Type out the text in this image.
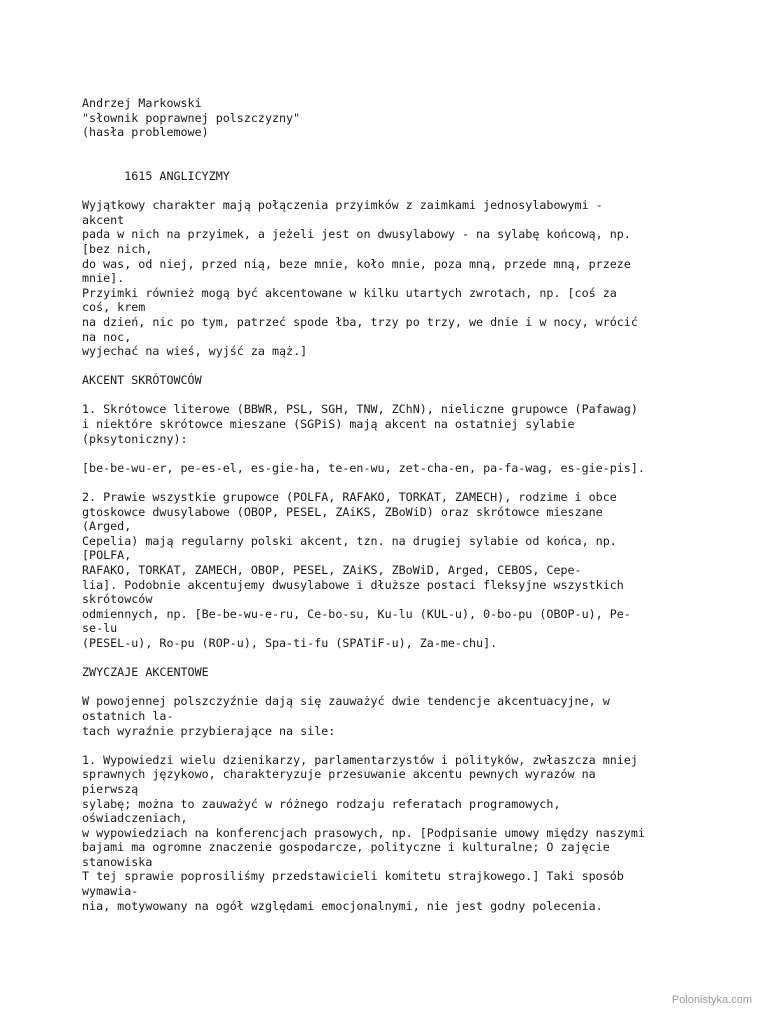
Andrzej Markowski
"słownik poprawnej polszczyzny"
(hasła problemowe)
1615 ANGLICYZMY
Wyjątkowy charakter mają połączenia przyimków z zaimkami jednosylabowymi -
akcent
pada w nich na przyimek, a jeżeli jest on dwusylabowy - na sylabę końcową, np.
[bez nich,
do was, od niej, przed nią, beze mnie, koło mnie, poza mną, przede mną, przeze
mnie].
Przyimki również mogą być akcentowane w kilku utartych zwrotach, np. [coś za
coś, krem
na dzień, nic po tym, patrzeć spode łba, trzy po trzy, we dnie i w nocy, wrócić
na noc,
wyjechać na wieś, wyjść za mąż.]
AKCENT SKRÓTOWCÓW
1. Skrótowce literowe (BBWR, PSL, SGH, TNW, ZChN), nieliczne grupowce (Pafawag)
i niektóre skrótowce mieszane (SGPiS) mają akcent na ostatniej sylabie
(pksytoniczny):
[be-be-wu-er, pe-es-el, es-gie-ha, te-en-wu, zet-cha-en, pa-fa-wag, es-gie-pis].
2. Prawie wszystkie grupowce (POLFA, RAFAKO, TORKAT, ZAMECH), rodzime i obce
gtoskowce dwusylabowe (OBOP, PESEL, ZAiKS, ZBoWiD) oraz skrótowce mieszane
(Arged,
Cepelia) mają regularny polski akcent, tzn. na drugiej sylabie od końca, np.
[POLFA,
RAFAKO, TORKAT, ZAMECH, OBOP, PESEL, ZAiKS, ZBoWiD, Arged, CEBOS, Cepe-
lia]. Podobnie akcentujemy dwusylabowe i dłuższe postaci fleksyjne wszystkich
skrótowców
odmiennych, np. [Be-be-wu-e-ru, Ce-bo-su, Ku-lu (KUL-u), 0-bo-pu (OBOP-u), Pe-
se-lu
(PESEL-u), Ro-pu (ROP-u), Spa-ti-fu (SPATiF-u), Za-me-chu].
ZWYCZAJE AKCENTOWE
W powojennej polszczyźnie dają się zauważyć dwie tendencje akcentuacyjne, w
ostatnich la-
tach wyraźnie przybierające na sile:
1. Wypowiedzi wielu dzienikarzy, parlamentarzystów i polityków, zwłaszcza mniej
sprawnych językowo, charakteryzuje przesuwanie akcentu pewnych wyrazów na
pierwszą
sylabę; można to zauważyć w różnego rodzaju referatach programowych,
oświadczeniach,
w wypowiedziach na konferencjach prasowych, np. [Podpisanie umowy między naszymi
bajami ma ogromne znaczenie gospodarcze, polityczne i kulturalne; O zajęcie
stanowiska
T tej sprawie poprosiliśmy przedstawicieli komitetu strajkowego.] Taki sposób
wymawia-
nia, motywowany na ogół względami emocjonalnymi, nie jest godny polecenia.
Polonistyka.com
